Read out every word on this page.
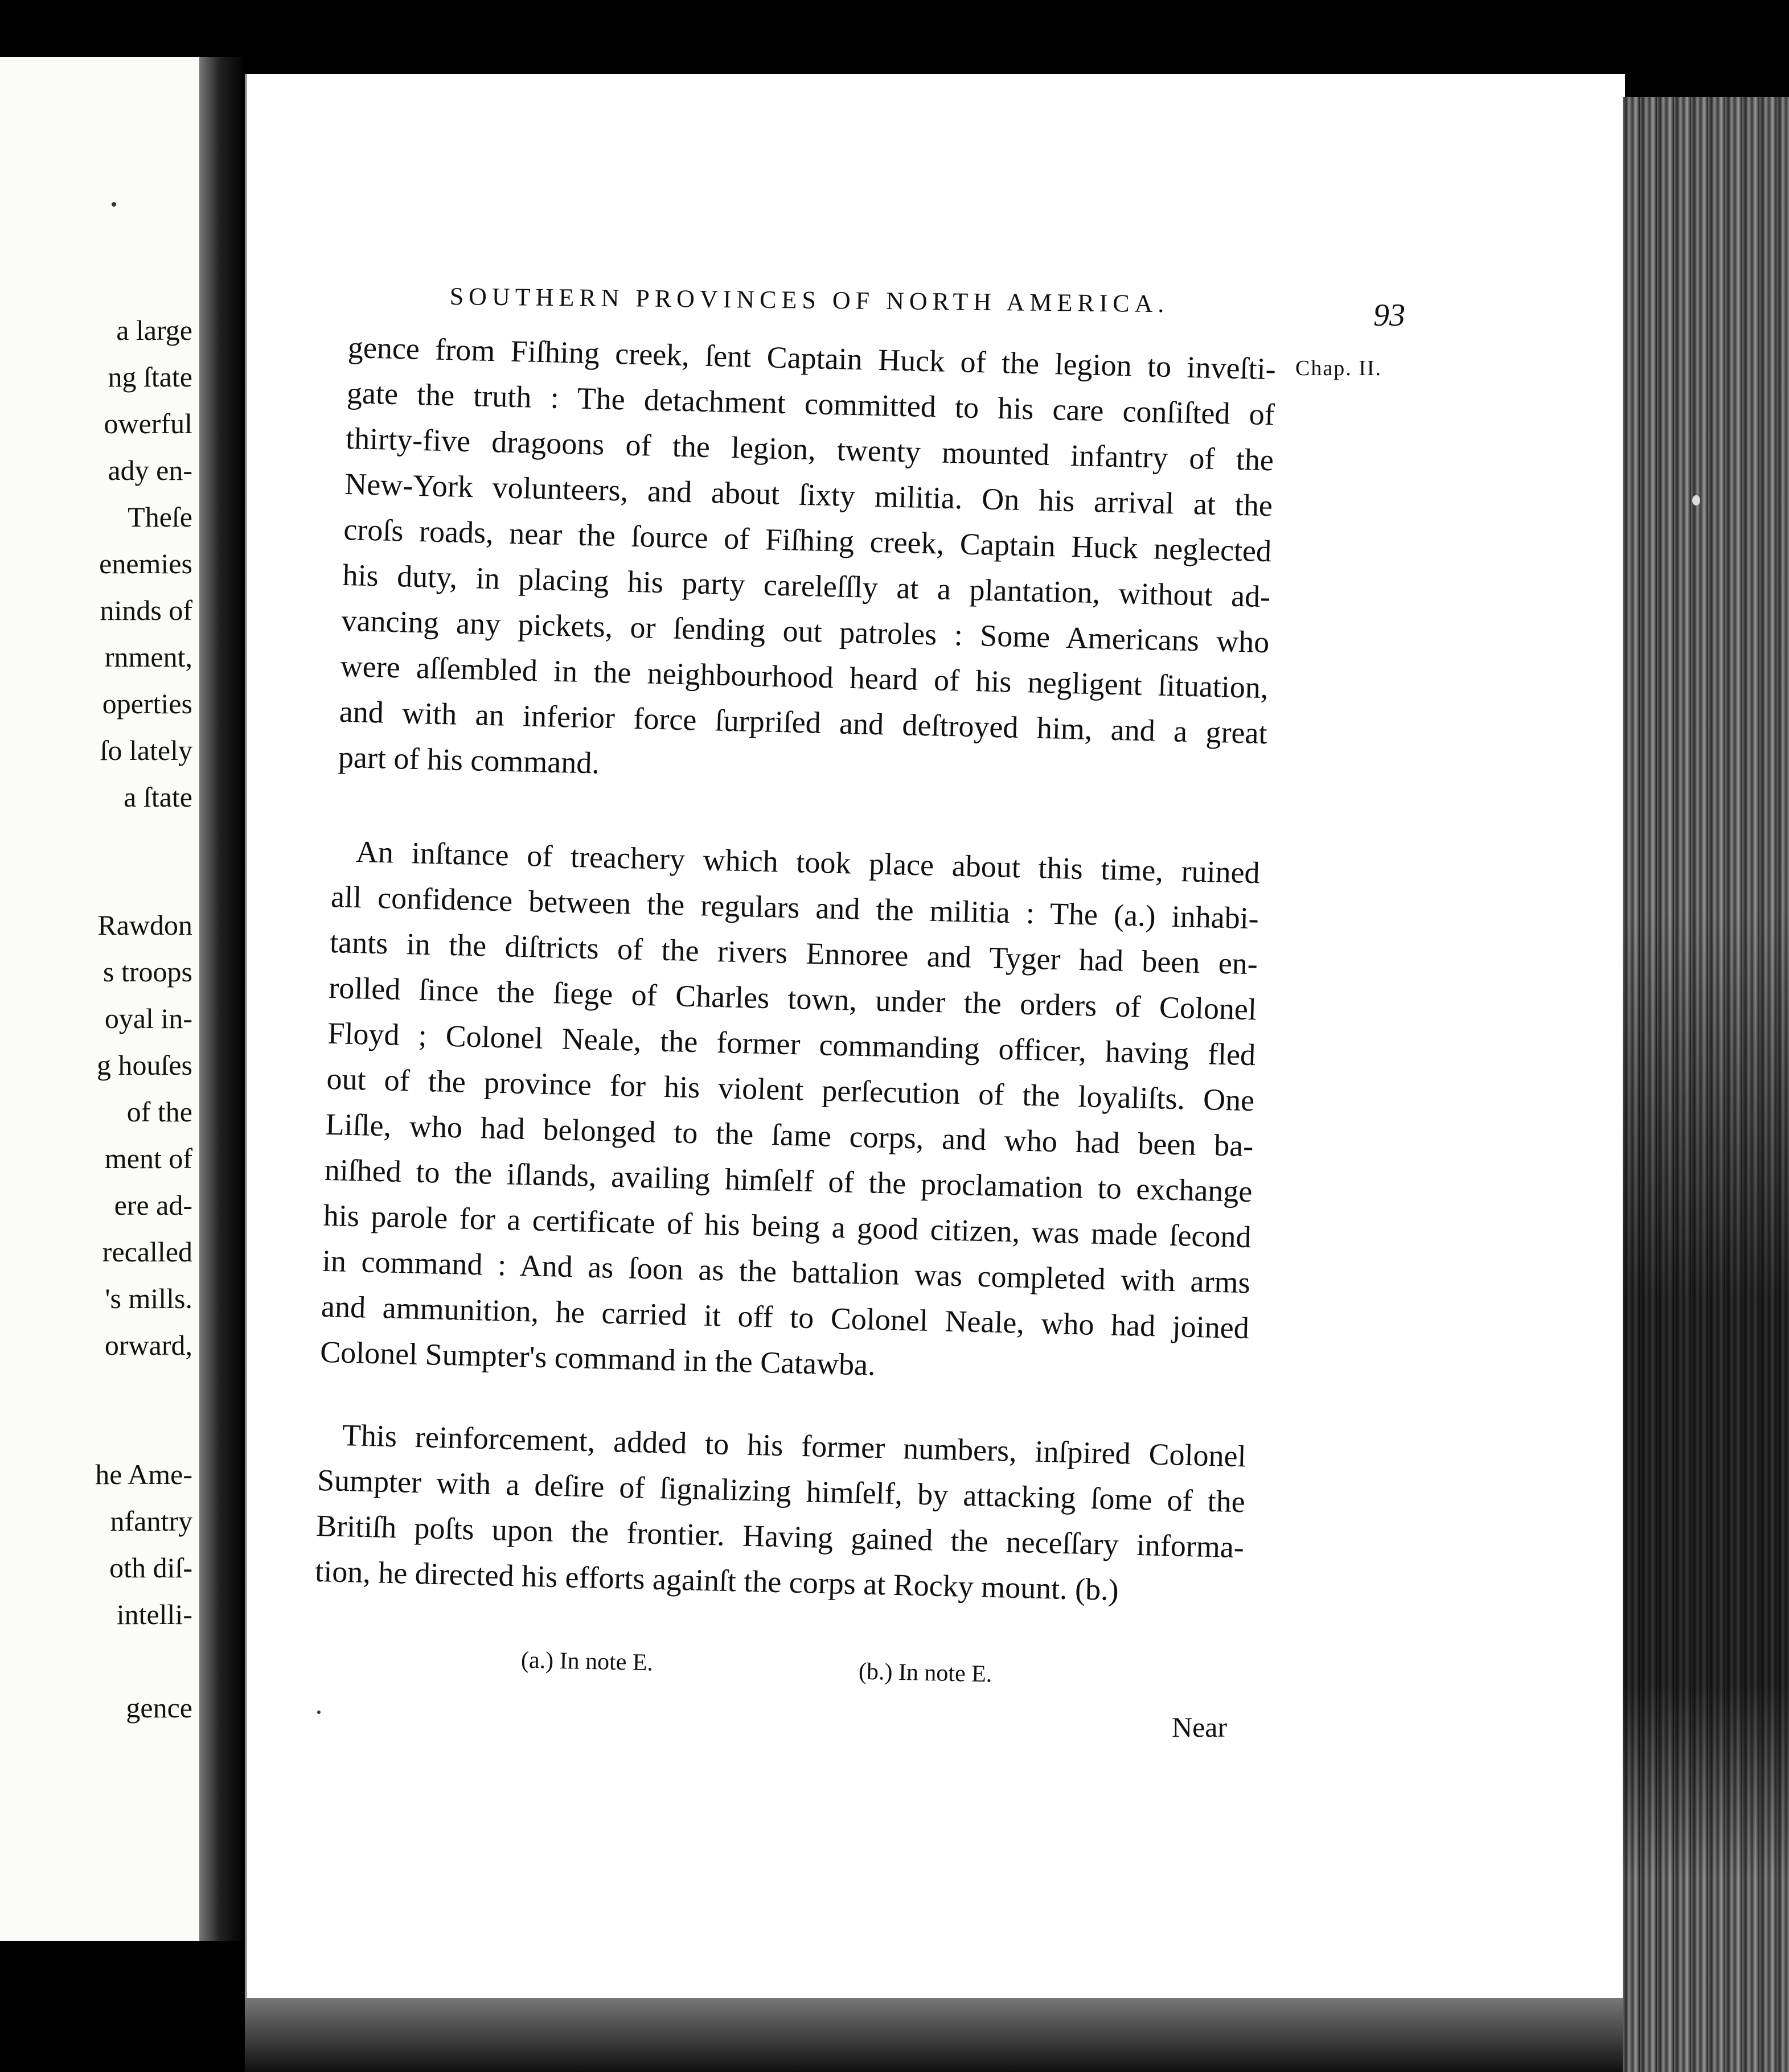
a large
ng ſtate
owerful
ady en-
Theſe
enemies
ninds of
rnment,
operties
ſo lately
a ſtate
Rawdon
s troops
oyal in-
g houſes
of the
ment of
ere ad-
recalled
's mills.
orward,
he Ame-
nfantry
oth diſ-
intelli-
gence
SOUTHERN PROVINCES OF NORTH AMERICA.	93
Chap. II.
gence from Fiſhing creek, ſent Captain Huck of the legion to inveſti-
gate the truth : The detachment committed to his care conſiſted of
thirty-five dragoons of the legion, twenty mounted infantry of the
New-York volunteers, and about ſixty militia. On his arrival at the
croſs roads, near the ſource of Fiſhing creek, Captain Huck neglected
his duty, in placing his party careleſſly at a plantation, without ad-
vancing any pickets, or ſending out patroles : Some Americans who
were aſſembled in the neighbourhood heard of his negligent ſituation,
and with an inferior force ſurpriſed and deſtroyed him, and a great
part of his command.
An inſtance of treachery which took place about this time, ruined
all confidence between the regulars and the militia : The (a.) inhabi-
tants in the diſtricts of the rivers Ennoree and Tyger had been en-
rolled ſince the ſiege of Charles town, under the orders of Colonel
Floyd ; Colonel Neale, the former commanding officer, having fled
out of the province for his violent perſecution of the loyaliſts. One
Liſle, who had belonged to the ſame corps, and who had been ba-
niſhed to the iſlands, availing himſelf of the proclamation to exchange
his parole for a certificate of his being a good citizen, was made ſecond
in command : And as ſoon as the battalion was completed with arms
and ammunition, he carried it off to Colonel Neale, who had joined
Colonel Sumpter's command in the Catawba.
This reinforcement, added to his former numbers, inſpired Colonel
Sumpter with a deſire of ſignalizing himſelf, by attacking ſome of the
Britiſh poſts upon the frontier. Having gained the neceſſary informa-
tion, he directed his efforts againſt the corps at Rocky mount. (b.)
(a.) In note E.	(b.) In note E.
Near
